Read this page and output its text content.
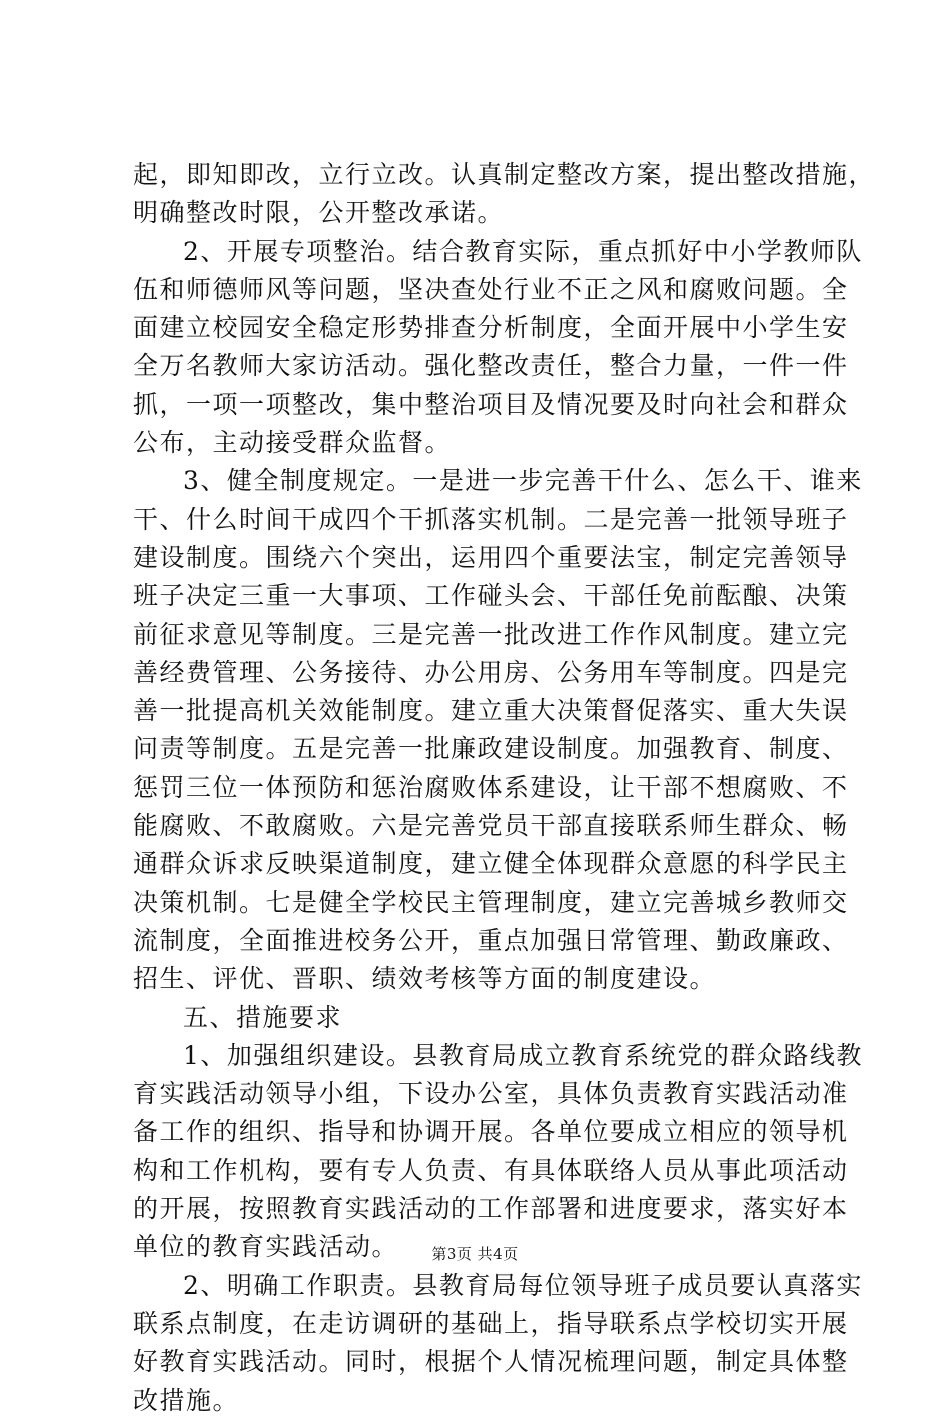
起，即知即改，立行立改。认真制定整改方案，提出整改措施，
明确整改时限，公开整改承诺。
2、开展专项整治。结合教育实际，重点抓好中小学教师队
伍和师德师风等问题，坚决查处行业不正之风和腐败问题。全
面建立校园安全稳定形势排查分析制度，全面开展中小学生安
全万名教师大家访活动。强化整改责任，整合力量，一件一件
抓，一项一项整改，集中整治项目及情况要及时向社会和群众
公布，主动接受群众监督。
3、健全制度规定。一是进一步完善干什么、怎么干、谁来
干、什么时间干成四个干抓落实机制。二是完善一批领导班子
建设制度。围绕六个突出，运用四个重要法宝，制定完善领导
班子决定三重一大事项、工作碰头会、干部任免前酝酿、决策
前征求意见等制度。三是完善一批改进工作作风制度。建立完
善经费管理、公务接待、办公用房、公务用车等制度。四是完
善一批提高机关效能制度。建立重大决策督促落实、重大失误
问责等制度。五是完善一批廉政建设制度。加强教育、制度、
惩罚三位一体预防和惩治腐败体系建设，让干部不想腐败、不
能腐败、不敢腐败。六是完善党员干部直接联系师生群众、畅
通群众诉求反映渠道制度，建立健全体现群众意愿的科学民主
决策机制。七是健全学校民主管理制度，建立完善城乡教师交
流制度，全面推进校务公开，重点加强日常管理、勤政廉政、
招生、评优、晋职、绩效考核等方面的制度建设。
五、措施要求
1、加强组织建设。县教育局成立教育系统党的群众路线教
育实践活动领导小组，下设办公室，具体负责教育实践活动准
备工作的组织、指导和协调开展。各单位要成立相应的领导机
构和工作机构，要有专人负责、有具体联络人员从事此项活动
的开展，按照教育实践活动的工作部署和进度要求，落实好本
单位的教育实践活动。
2、明确工作职责。县教育局每位领导班子成员要认真落实
联系点制度，在走访调研的基础上，指导联系点学校切实开展
好教育实践活动。同时，根据个人情况梳理问题，制定具体整
改措施。
第3页 共4页
